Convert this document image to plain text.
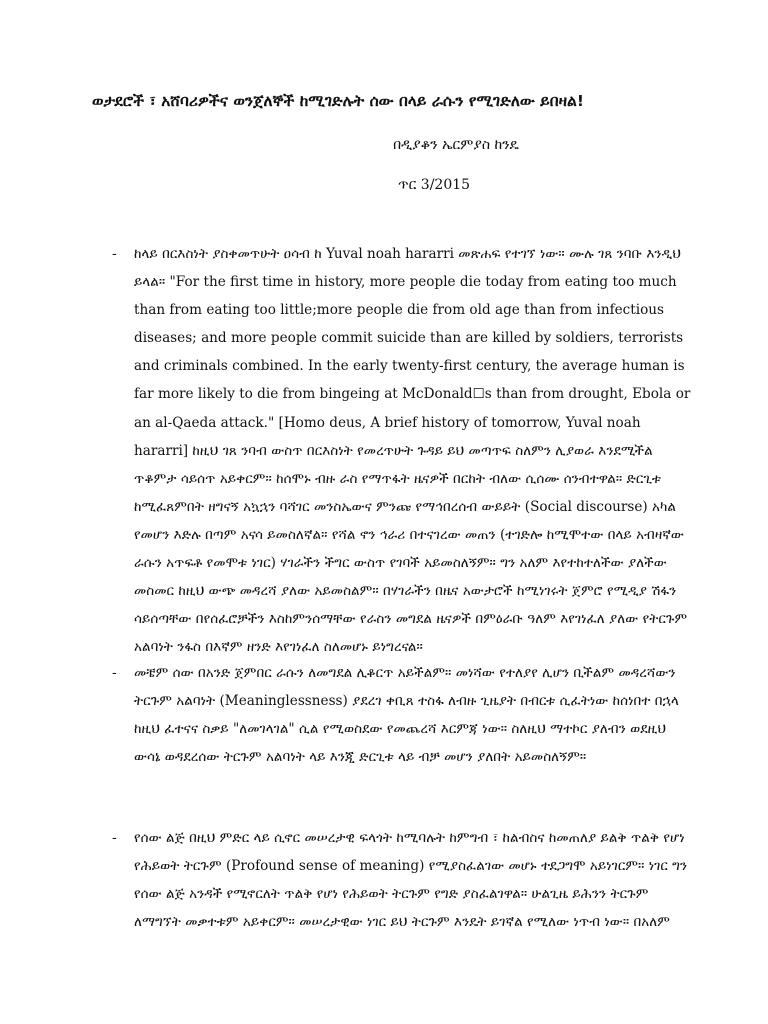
ወታደሮች ፣ አሸባሪዎችና ወንጀለኞች ከሚገድሉት ሰው በላይ ራሱን የሚገድለው ይበዛል!

በዲያቆን ኤርምያስ ከንዴ

ጥር 3/2015

- ከላይ በርእስነት ያስቀመጥሁት ዐሳብ ከ Yuval noah hararri መጽሐፍ የተገኘ ነው። ሙሉ ገጸ ንባቡ እንዲህ ይላል። "For the first time in history, more people die today from eating too much than from eating too little;more people die from old age than from infectious diseases; and more people commit suicide than are killed by soldiers, terrorists and criminals combined. In the early twenty-first century, the average human is far more likely to die from bingeing at McDonald☐s than from drought, Ebola or an al-Qaeda attack." [Homo deus, A brief history of tomorrow, Yuval noah hararri] ከዚህ ገጸ ንባብ ውስጥ በርእስነት የመረጥሁት ጉዳይ ይህ መጣጥፍ ስለምን ሊያወራ እንደሚችል ጥቆምታ ሳይሰጥ አይቀርም። ከሰሞኑ ብዙ ራስ የማጥፋት ዜናዎች በርከት ብለው ሲሰሙ ሰንብተዋል። ድርጊቱ ከሚፈጸምበት ዘግናኝ አኳኋን ባሻገር መንስኤውና ምንጩ የማኅበረሰብ ውይይት (Social discourse) አካል የመሆን እድሉ በጣም አናሳ ይመስለኛል። የሻል ኖን ኅራሪ በተናገረው መጠን (ተገድሎ ከሚሞተው በላይ አብዛኛው ራሱን አጥፍቶ የመሞቱ ነገር) ሃገራችን ችግር ውስጥ የገባች አይመስለኝም። ግን አለም እየተከተለችው ያለችው መስመር ከዚህ ውጭ መዳረሻ ያለው አይመስልም። በሃገራችን በዜና አውታሮች ከሚነገሩት ጀምሮ የሚዲያ ሽፋን ሳይሰጣቸው በየሰፈሮቻችን እስከምንሰማቸው የራስን መግደል ዜናዎች በምዕራቡ ዓለም እየገነፈለ ያለው የትርጉም አልባነት ንፋስ በእኛም ዘንድ እየገነፈለ ስለመሆኑ ይነግረናል።

- መቼም ሰው በአንድ ጀምበር ራሱን ለመግደል ሊቆርጥ አይችልም። መነሻው የተለያየ ሊሆን ቢችልም መዳረሻውን ትርጉም አልባነት (Meaninglessness) ያደረገ ቀቢጸ ተስፋ ለብዙ ጊዜያት በብርቱ ሲፈትነው ከሰነበተ በኋላ ከዚህ ፈተናና ስቃይ "ለመገላገል" ሲል የሚወስደው የመጨረሻ እርምጃ ነው። ስለዚህ ማተኮር ያለብን ወደዚህ ውሳኔ ወዳደረሰው ትርጉም አልባነት ላይ እንጂ ድርጊቱ ላይ ብቻ መሆን ያለበት አይመስለኝም።

- የሰው ልጅ በዚህ ምድር ላይ ሲኖር መሠረታዊ ፍላጎት ከሚባሉት ከምግብ ፣ ከልብስና ከመጠለያ ይልቅ ጥልቅ የሆነ የሕይወት ትርጉም (Profound sense of meaning) የሚያስፈልገው መሆኑ ተደጋግሞ አይነገርም። ነገር ግን የሰው ልጅ አንዳች የሚኖርለት ጥልቅ የሆነ የሕይወት ትርጉም የግድ ያስፈልገዋል። ሁልጊዜ ይሕንን ትርጉም ለማግኘት መቃተቱም አይቀርም። መሠረታዊው ነገር ይህ ትርጉም እንዴት ይገኛል የሚለው ነጥብ ነው። በአለም
